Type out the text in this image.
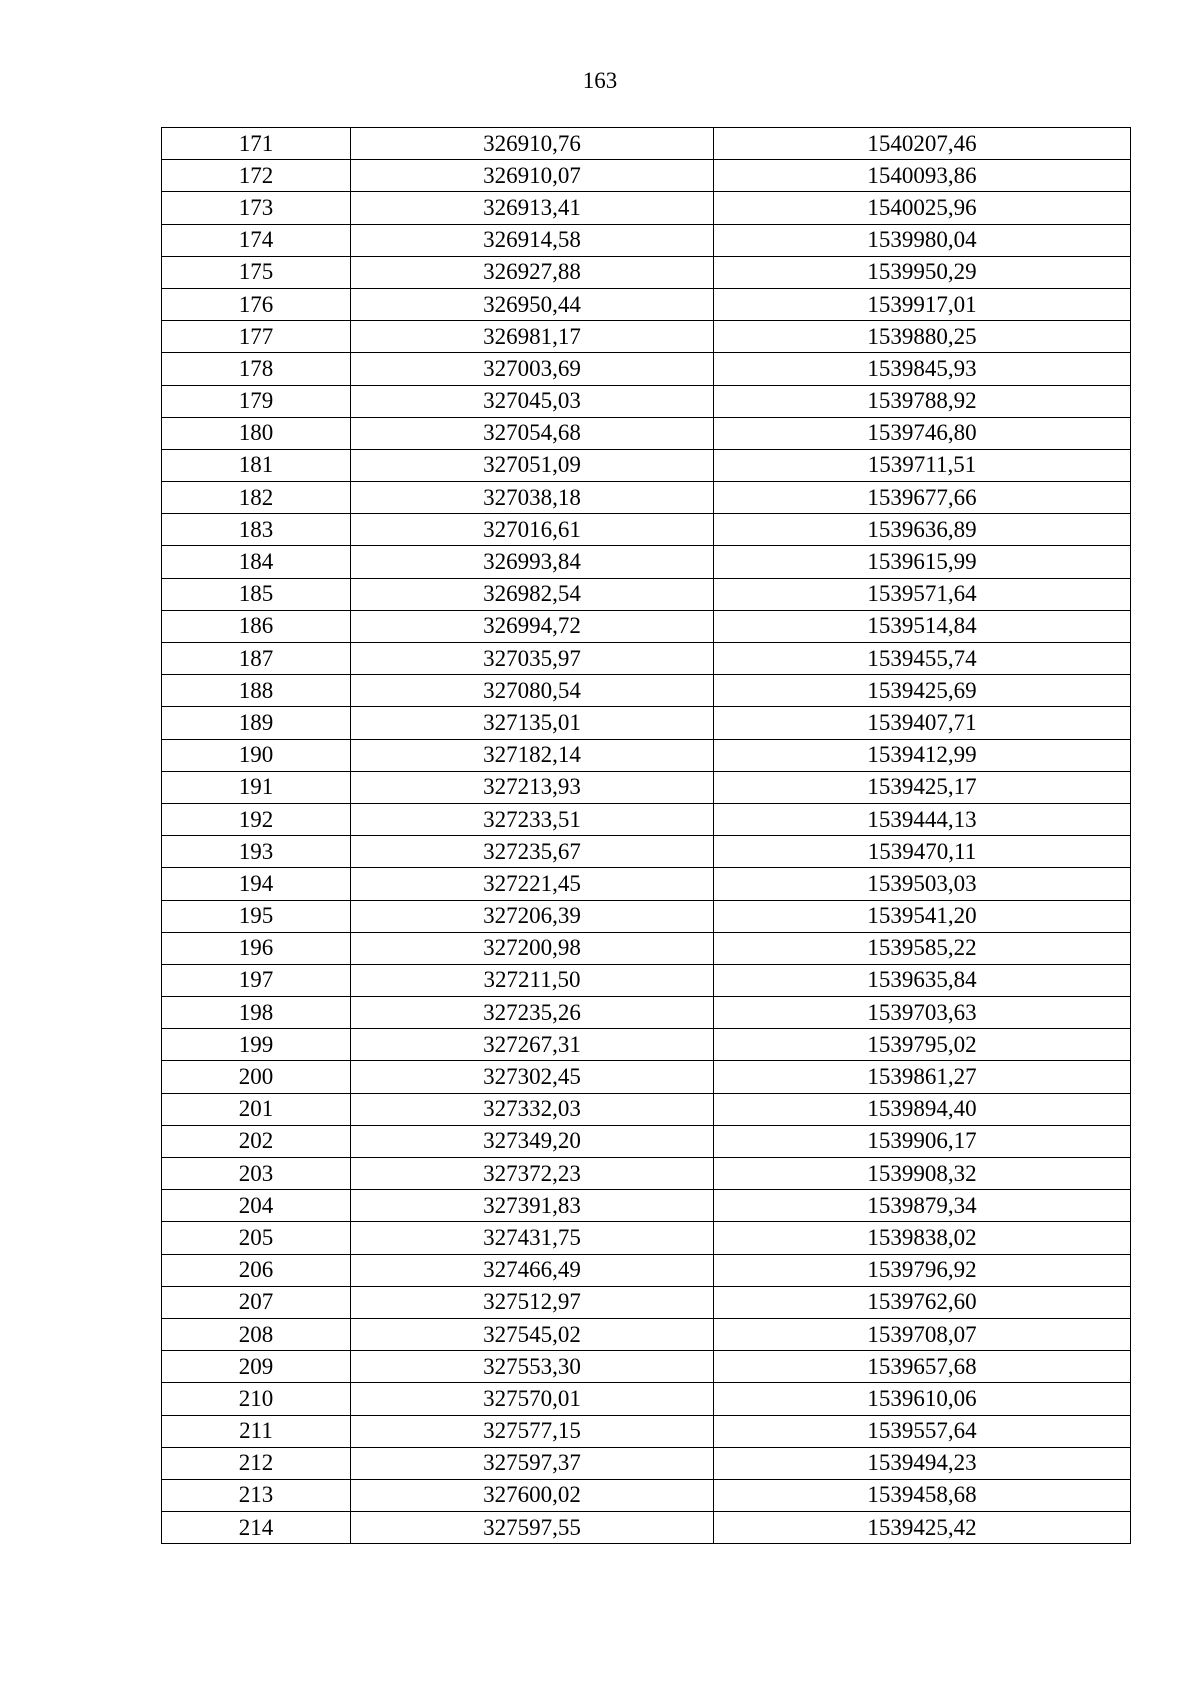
163
171	326910,76	1540207,46
172	326910,07	1540093,86
173	326913,41	1540025,96
174	326914,58	1539980,04
175	326927,88	1539950,29
176	326950,44	1539917,01
177	326981,17	1539880,25
178	327003,69	1539845,93
179	327045,03	1539788,92
180	327054,68	1539746,80
181	327051,09	1539711,51
182	327038,18	1539677,66
183	327016,61	1539636,89
184	326993,84	1539615,99
185	326982,54	1539571,64
186	326994,72	1539514,84
187	327035,97	1539455,74
188	327080,54	1539425,69
189	327135,01	1539407,71
190	327182,14	1539412,99
191	327213,93	1539425,17
192	327233,51	1539444,13
193	327235,67	1539470,11
194	327221,45	1539503,03
195	327206,39	1539541,20
196	327200,98	1539585,22
197	327211,50	1539635,84
198	327235,26	1539703,63
199	327267,31	1539795,02
200	327302,45	1539861,27
201	327332,03	1539894,40
202	327349,20	1539906,17
203	327372,23	1539908,32
204	327391,83	1539879,34
205	327431,75	1539838,02
206	327466,49	1539796,92
207	327512,97	1539762,60
208	327545,02	1539708,07
209	327553,30	1539657,68
210	327570,01	1539610,06
211	327577,15	1539557,64
212	327597,37	1539494,23
213	327600,02	1539458,68
214	327597,55	1539425,42
